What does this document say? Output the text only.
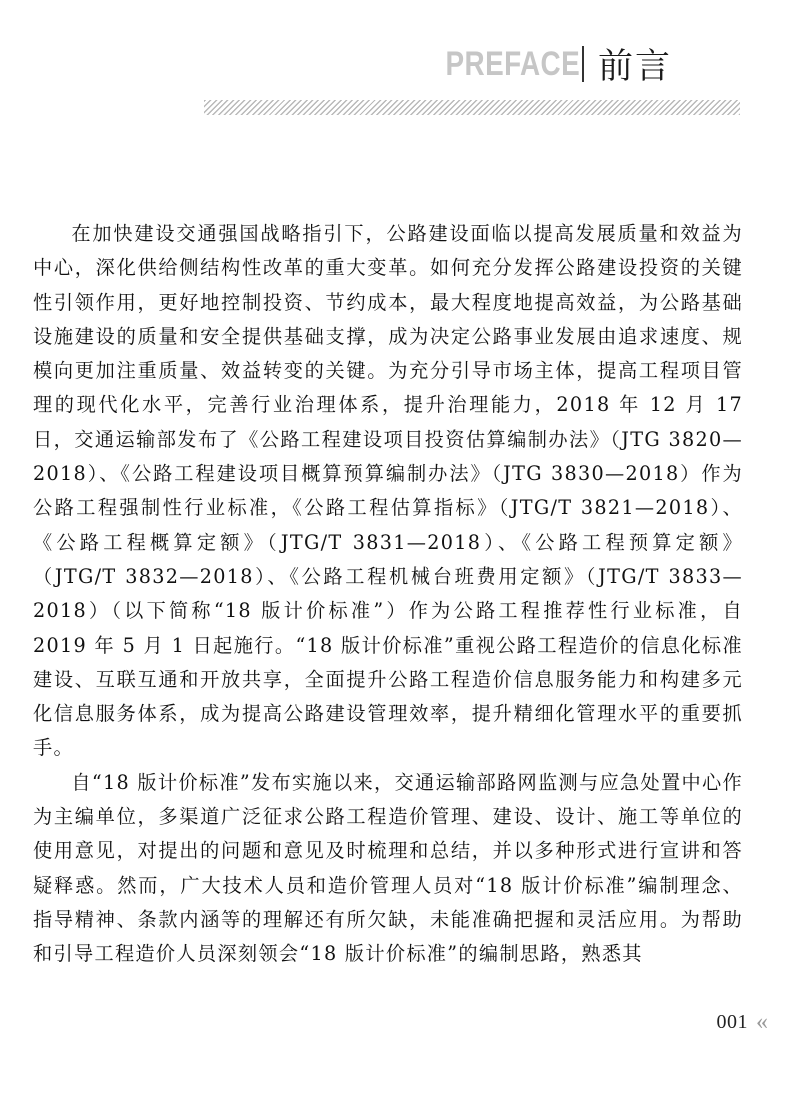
PREFACE 前言

在加快建设交通强国战略指引下，公路建设面临以提高发展质量和效益为中心，深化供给侧结构性改革的重大变革。如何充分发挥公路建设投资的关键性引领作用，更好地控制投资、节约成本，最大程度地提高效益，为公路基础设施建设的质量和安全提供基础支撑，成为决定公路事业发展由追求速度、规模向更加注重质量、效益转变的关键。为充分引导市场主体，提高工程项目管理的现代化水平，完善行业治理体系，提升治理能力，2018 年 12 月 17 日，交通运输部发布了《公路工程建设项目投资估算编制办法》（JTG 3820—2018）、《公路工程建设项目概算预算编制办法》（JTG 3830—2018）作为公路工程强制性行业标准，《公路工程估算指标》（JTG/T 3821—2018）、《公路工程概算定额》（JTG/T 3831—2018）、《公路工程预算定额》（JTG/T 3832—2018）、《公路工程机械台班费用定额》（JTG/T 3833—2018）（以下简称“18 版计价标准”）作为公路工程推荐性行业标准，自 2019 年 5 月 1 日起施行。“18 版计价标准”重视公路工程造价的信息化标准建设、互联互通和开放共享，全面提升公路工程造价信息服务能力和构建多元化信息服务体系，成为提高公路建设管理效率，提升精细化管理水平的重要抓手。

自“18 版计价标准”发布实施以来，交通运输部路网监测与应急处置中心作为主编单位，多渠道广泛征求公路工程造价管理、建设、设计、施工等单位的使用意见，对提出的问题和意见及时梳理和总结，并以多种形式进行宣讲和答疑释惑。然而，广大技术人员和造价管理人员对“18 版计价标准”编制理念、指导精神、条款内涵等的理解还有所欠缺，未能准确把握和灵活应用。为帮助和引导工程造价人员深刻领会“18 版计价标准”的编制思路，熟悉其

001 «
